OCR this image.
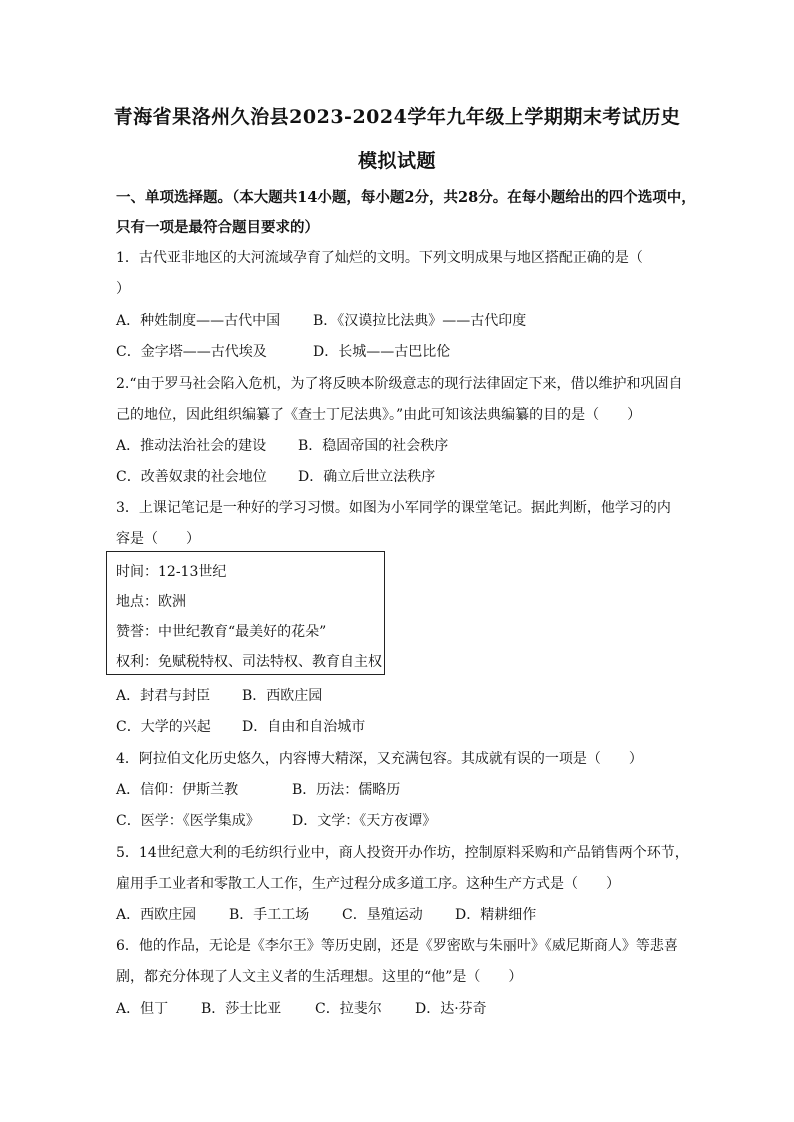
青海省果洛州久治县2023-2024学年九年级上学期期末考试历史
模拟试题
一、单项选择题。（本大题共14小题，每小题2分，共28分。在每小题给出的四个选项中，
只有一项是最符合题目要求的）
1．古代亚非地区的大河流域孕育了灿烂的文明。下列文明成果与地区搭配正确的是（
）
A．种姓制度——古代中国 B．《汉谟拉比法典》——古代印度
C．金字塔——古代埃及	D．长城——古巴比伦
2.“由于罗马社会陷入危机，为了将反映本阶级意志的现行法律固定下来，借以维护和巩固自
己的地位，因此组织编纂了《查士丁尼法典》。”由此可知该法典编纂的目的是（　　）
A．推动法治社会的建设 B．稳固帝国的社会秩序
C．改善奴隶的社会地位 D．确立后世立法秩序
3．上课记笔记是一种好的学习习惯。如图为小军同学的课堂笔记。据此判断，他学习的内
容是（　　）
时间：12-13世纪
地点：欧洲
赞誉：中世纪教育“最美好的花朵”
权利：免赋税特权、司法特权、教育自主权
A．封君与封臣 B．西欧庄园
C．大学的兴起 D．自由和自治城市
4．阿拉伯文化历史悠久，内容博大精深，又充满包容。其成就有误的一项是（　　）
A．信仰：伊斯兰教	B．历法：儒略历
C．医学：《医学集成》 D．文学：《天方夜谭》
5．14世纪意大利的毛纺织行业中，商人投资开办作坊，控制原料采购和产品销售两个环节，
雇用手工业者和零散工人工作，生产过程分成多道工序。这种生产方式是（　　）
A．西欧庄园 B．手工工场 C．垦殖运动 D．精耕细作
6．他的作品，无论是《李尔王》等历史剧，还是《罗密欧与朱丽叶》《威尼斯商人》等悲喜
剧，都充分体现了人文主义者的生活理想。这里的“他”是（　　）
A．但丁 B．莎士比亚 C．拉斐尔 D．达·芬奇
